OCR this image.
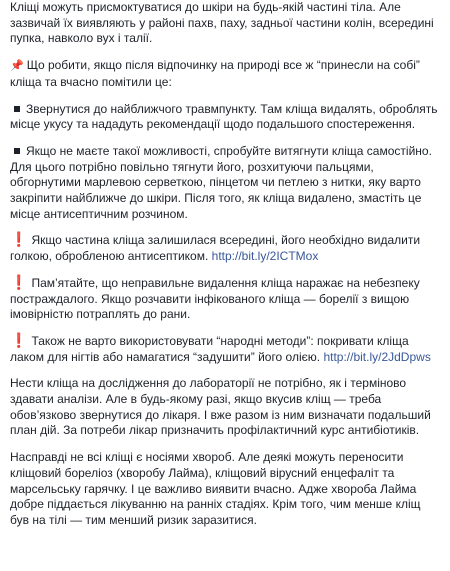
Кліщі можуть присмоктуватися до шкіри на будь-якій частині тіла. Але зазвичай їх виявляють у районі пахв, паху, задньої частини колін, всередині пупка, навколо вух і талії.

📌 Що робити, якщо після відпочинку на природі все ж “принесли на собі” кліща та вчасно помітили це:

Звернутися до найближчого травмпункту. Там кліща видалять, оброблять місце укусу та нададуть рекомендації щодо подальшого спостереження.

Якщо не маєте такої можливості, спробуйте витягнути кліща самостійно. Для цього потрібно повільно тягнути його, розхитуючи пальцями, обгорнутими марлевою серветкою, пінцетом чи петлею з нитки, яку варто закріпити найближче до шкіри. Після того, як кліща видалено, змастіть це місце антисептичним розчином.

❗ Якщо частина кліща залишилася всередині, його необхідно видалити голкою, обробленою антисептиком. http://bit.ly/2ICTMox

❗ Пам’ятайте, що неправильне видалення кліща наражає на небезпеку постраждалого. Якщо розчавити інфікованого кліща — борелії з вищою імовірністю потраплять до рани.

❗ Також не варто використовувати “народні методи”: покривати кліща лаком для нігтів або намагатися “задушити” його олією. http://bit.ly/2JdDpws

Нести кліща на дослідження до лабораторії не потрібно, як і терміново здавати аналізи. Але в будь-якому разі, якщо вкусив кліщ — треба обов’язково звернутися до лікаря. І вже разом із ним визначати подальший план дій. За потреби лікар призначить профілактичний курс антибіотиків.

Насправді не всі кліщі є носіями хвороб. Але деякі можуть переносити кліщовий бореліоз (хворобу Лайма), кліщовий вірусний енцефаліт та марсельську гарячку. І це важливо виявити вчасно. Адже хвороба Лайма добре піддається лікуванню на ранніх стадіях. Крім того, чим менше кліщ був на тілі — тим менший ризик заразитися.
